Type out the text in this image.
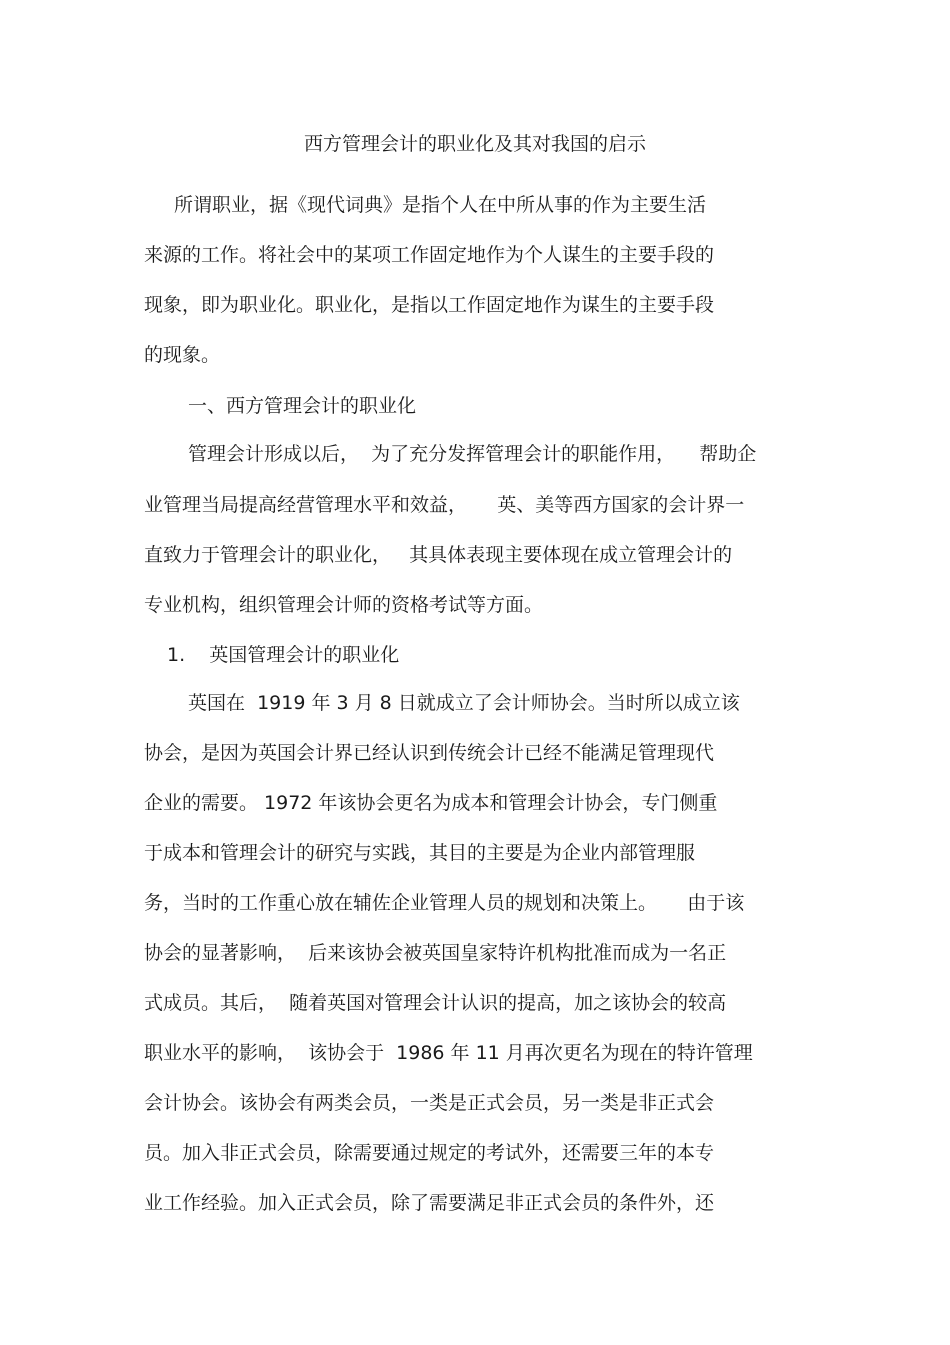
西方管理会计的职业化及其对我国的启示
所谓职业，据《现代词典》是指个人在中所从事的作为主要生活
来源的工作。将社会中的某项工作固定地作为个人谋生的主要手段的
现象，即为职业化。职业化，是指以工作固定地作为谋生的主要手段
的现象。
一、西方管理会计的职业化
管理会计形成以后，  为了充分发挥管理会计的职能作用，    帮助企
业管理当局提高经营管理水平和效益，     英、美等西方国家的会计界一
直致力于管理会计的职业化，   其具体表现主要体现在成立管理会计的
专业机构，组织管理会计师的资格考试等方面。
1.    英国管理会计的职业化
英国在  1919 年 3 月 8 日就成立了会计师协会。当时所以成立该
协会，是因为英国会计界已经认识到传统会计已经不能满足管理现代
企业的需要。 1972 年该协会更名为成本和管理会计协会，专门侧重
于成本和管理会计的研究与实践，其目的主要是为企业内部管理服
务，当时的工作重心放在辅佐企业管理人员的规划和决策上。     由于该
协会的显著影响，  后来该协会被英国皇家特许机构批准而成为一名正
式成员。其后，  随着英国对管理会计认识的提高，加之该协会的较高
职业水平的影响，  该协会于  1986 年 11 月再次更名为现在的特许管理
会计协会。该协会有两类会员，一类是正式会员，另一类是非正式会
员。加入非正式会员，除需要通过规定的考试外，还需要三年的本专
业工作经验。加入正式会员，除了需要满足非正式会员的条件外，还
